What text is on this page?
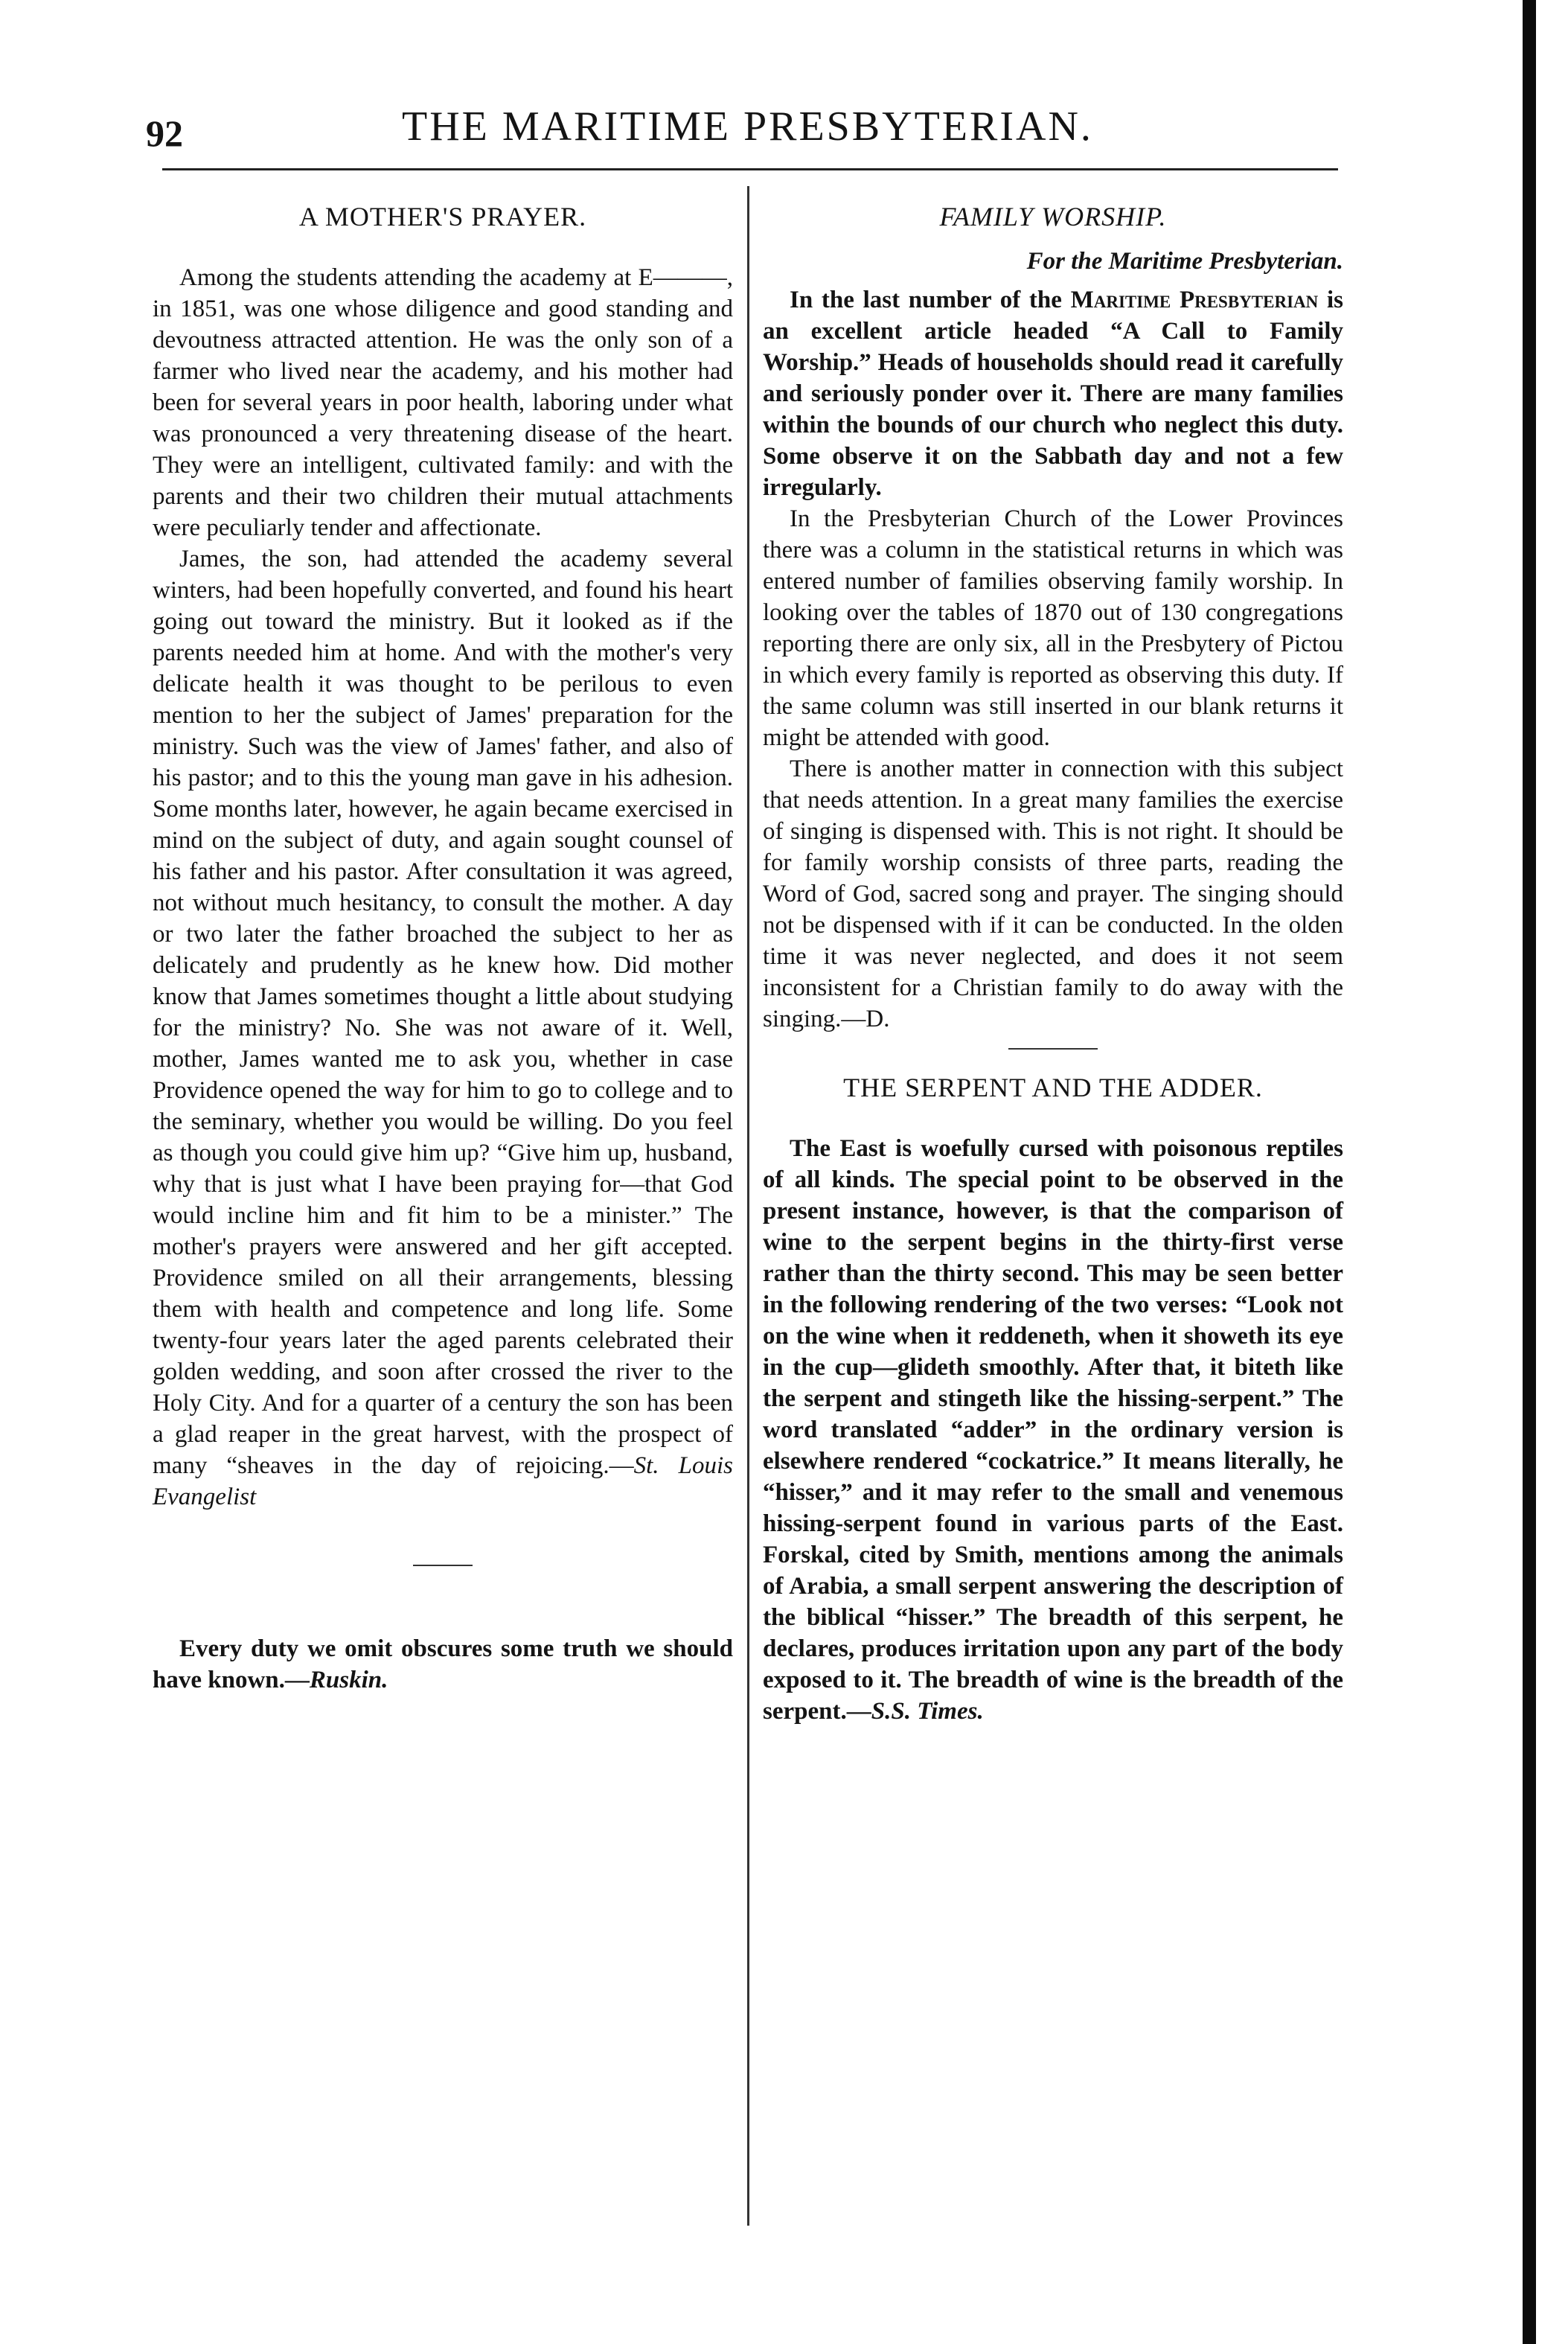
92	THE MARITIME PRESBYTERIAN.
A MOTHER'S PRAYER.

Among the students attending the academy at E———, in 1851, was one whose diligence and good standing and devoutness attracted attention. He was the only son of a farmer who lived near the academy, and his mother had been for several years in poor health, laboring under what was pronounced a very threatening disease of the heart. They were an intelligent, cultivated family: and with the parents and their two children their mutual attachments were peculiarly tender and affectionate.

James, the son, had attended the academy several winters, had been hopefully converted, and found his heart going out toward the ministry. But it looked as if the parents needed him at home. And with the mother's very delicate health it was thought to be perilous to even mention to her the subject of James' preparation for the ministry. Such was the view of James' father, and also of his pastor; and to this the young man gave in his adhesion. Some months later, however, he again became exercised in mind on the subject of duty, and again sought counsel of his father and his pastor. After consultation it was agreed, not without much hesitancy, to consult the mother. A day or two later the father broached the subject to her as delicately and prudently as he knew how. Did mother know that James sometimes thought a little about studying for the ministry? No. She was not aware of it. Well, mother, James wanted me to ask you, whether in case Providence opened the way for him to go to college and to the seminary, whether you would be willing. Do you feel as though you could give him up? “Give him up, husband, why that is just what I have been praying for—that God would incline him and fit him to be a minister.” The mother's prayers were answered and her gift accepted. Providence smiled on all their arrangements, blessing them with health and competence and long life. Some twenty-four years later the aged parents celebrated their golden wedding, and soon after crossed the river to the Holy City. And for a quarter of a century the son has been a glad reaper in the great harvest, with the prospect of many “sheaves in the day of rejoicing.—St. Louis Evangelist

Every duty we omit obscures some truth we should have known.—Ruskin.

FAMILY WORSHIP.
For the Maritime Presbyterian.

In the last number of the Maritime Presbyterian is an excellent article headed “A Call to Family Worship.” Heads of households should read it carefully and seriously ponder over it. There are many families within the bounds of our church who neglect this duty. Some observe it on the Sabbath day and not a few irregularly.

In the Presbyterian Church of the Lower Provinces there was a column in the statistical returns in which was entered number of families observing family worship. In looking over the tables of 1870 out of 130 congregations reporting there are only six, all in the Presbytery of Pictou in which every family is reported as observing this duty. If the same column was still inserted in our blank returns it might be attended with good.

There is another matter in connection with this subject that needs attention. In a great many families the exercise of singing is dispensed with. This is not right. It should be for family worship consists of three parts, reading the Word of God, sacred song and prayer. The singing should not be dispensed with if it can be conducted. In the olden time it was never neglected, and does it not seem inconsistent for a Christian family to do away with the singing.—D.

THE SERPENT AND THE ADDER.

The East is woefully cursed with poisonous reptiles of all kinds. The special point to be observed in the present instance, however, is that the comparison of wine to the serpent begins in the thirty-first verse rather than the thirty second. This may be seen better in the following rendering of the two verses: “Look not on the wine when it reddeneth, when it showeth its eye in the cup—glideth smoothly. After that, it biteth like the serpent and stingeth like the hissing-serpent.” The word translated “adder” in the ordinary version is elsewhere rendered “cockatrice.” It means literally, he “hisser,” and it may refer to the small and venemous hissing-serpent found in various parts of the East. Forskal, cited by Smith, mentions among the animals of Arabia, a small serpent answering the description of the biblical “hisser.” The breadth of this serpent, he declares, produces irritation upon any part of the body exposed to it. The breadth of wine is the breadth of the serpent.—S.S. Times.
